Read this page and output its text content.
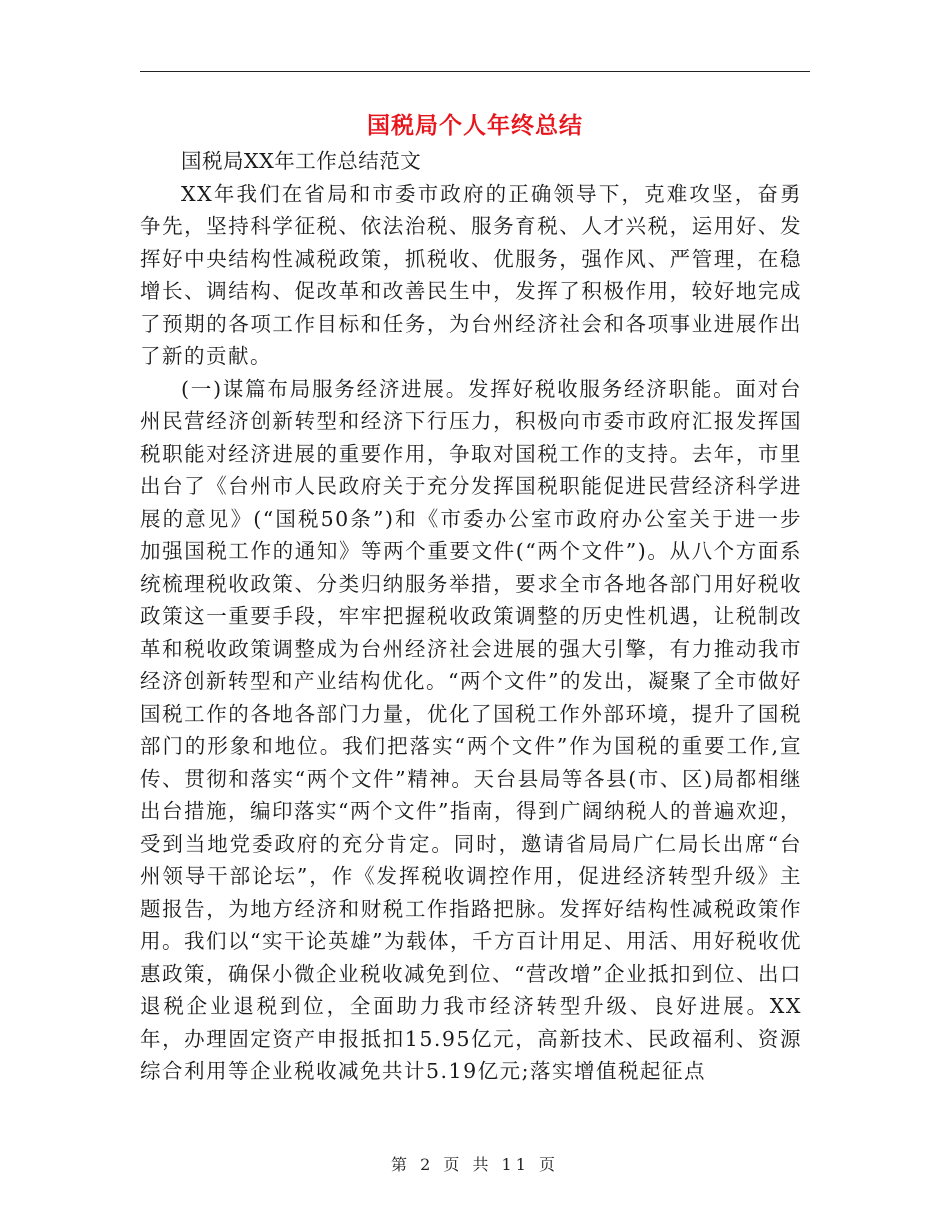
国税局个人年终总结

国税局XX年工作总结范文

XX年我们在省局和市委市政府的正确领导下，克难攻坚，奋勇争先，坚持科学征税、依法治税、服务育税、人才兴税，运用好、发挥好中央结构性减税政策，抓税收、优服务，强作风、严管理，在稳增长、调结构、促改革和改善民生中，发挥了积极作用，较好地完成了预期的各项工作目标和任务，为台州经济社会和各项事业进展作出了新的贡献。

(一)谋篇布局服务经济进展。发挥好税收服务经济职能。面对台州民营经济创新转型和经济下行压力，积极向市委市政府汇报发挥国税职能对经济进展的重要作用，争取对国税工作的支持。去年，市里出台了《台州市人民政府关于充分发挥国税职能促进民营经济科学进展的意见》(“国税50条”)和《市委办公室市政府办公室关于进一步加强国税工作的通知》等两个重要文件(“两个文件”)。从八个方面系统梳理税收政策、分类归纳服务举措，要求全市各地各部门用好税收政策这一重要手段，牢牢把握税收政策调整的历史性机遇，让税制改革和税收政策调整成为台州经济社会进展的强大引擎，有力推动我市经济创新转型和产业结构优化。“两个文件”的发出，凝聚了全市做好国税工作的各地各部门力量，优化了国税工作外部环境，提升了国税部门的形象和地位。我们把落实“两个文件”作为国税的重要工作,宣传、贯彻和落实“两个文件”精神。天台县局等各县(市、区)局都相继出台措施，编印落实“两个文件”指南，得到广阔纳税人的普遍欢迎，受到当地党委政府的充分肯定。同时，邀请省局局广仁局长出席“台州领导干部论坛”，作《发挥税收调控作用，促进经济转型升级》主题报告，为地方经济和财税工作指路把脉。发挥好结构性减税政策作用。我们以“实干论英雄”为载体，千方百计用足、用活、用好税收优惠政策，确保小微企业税收减免到位、“营改增”企业抵扣到位、出口退税企业退税到位，全面助力我市经济转型升级、良好进展。XX年，办理固定资产申报抵扣15.95亿元，高新技术、民政福利、资源综合利用等企业税收减免共计5.19亿元;落实增值税起征点

第 2 页 共 11 页
